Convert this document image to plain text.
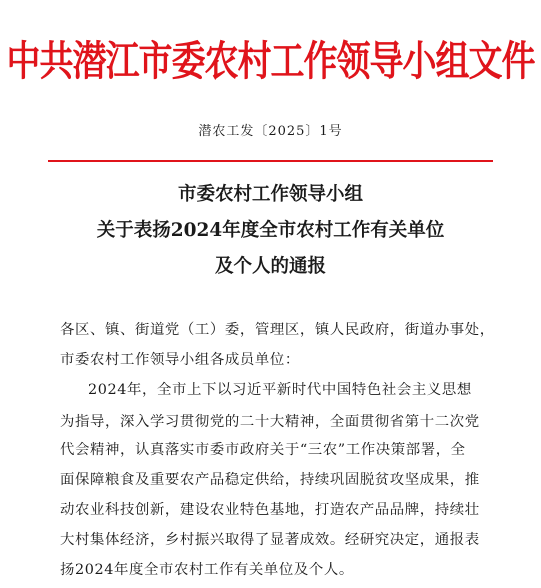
中共潜江市委农村工作领导小组文件
潜农工发〔2025〕1号
市委农村工作领导小组
关于表扬2024年度全市农村工作有关单位
及个人的通报
各区、镇、街道党（工）委，管理区，镇人民政府，街道办事处，
市委农村工作领导小组各成员单位：
2024年，全市上下以习近平新时代中国特色社会主义思想
为指导，深入学习贯彻党的二十大精神，全面贯彻省第十二次党
代会精神，认真落实市委市政府关于“三农”工作决策部署，全
面保障粮食及重要农产品稳定供给，持续巩固脱贫攻坚成果，推
动农业科技创新，建设农业特色基地，打造农产品品牌，持续壮
大村集体经济，乡村振兴取得了显著成效。经研究决定，通报表
扬2024年度全市农村工作有关单位及个人。
